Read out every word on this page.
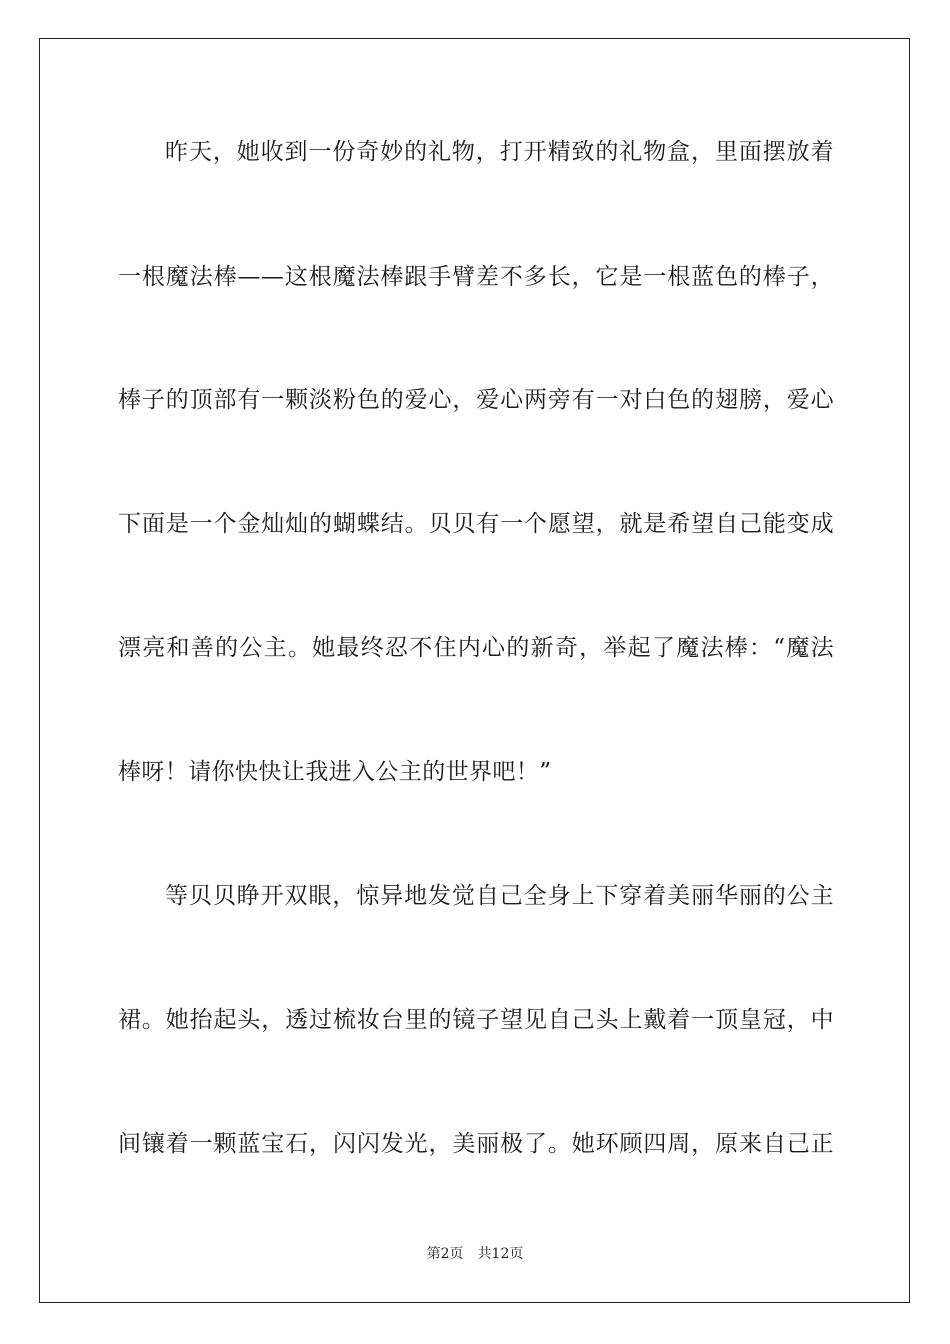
昨天，她收到一份奇妙的礼物，打开精致的礼物盒，里面摆放着
一根魔法棒——这根魔法棒跟手臂差不多长，它是一根蓝色的棒子，
棒子的顶部有一颗淡粉色的爱心，爱心两旁有一对白色的翅膀，爱心
下面是一个金灿灿的蝴蝶结。贝贝有一个愿望，就是希望自己能变成
漂亮和善的公主。她最终忍不住内心的新奇，举起了魔法棒：“魔法
棒呀！请你快快让我进入公主的世界吧！”
等贝贝睁开双眼，惊异地发觉自己全身上下穿着美丽华丽的公主
裙。她抬起头，透过梳妆台里的镜子望见自己头上戴着一顶皇冠，中
间镶着一颗蓝宝石，闪闪发光，美丽极了。她环顾四周，原来自己正
第2页 共12页
